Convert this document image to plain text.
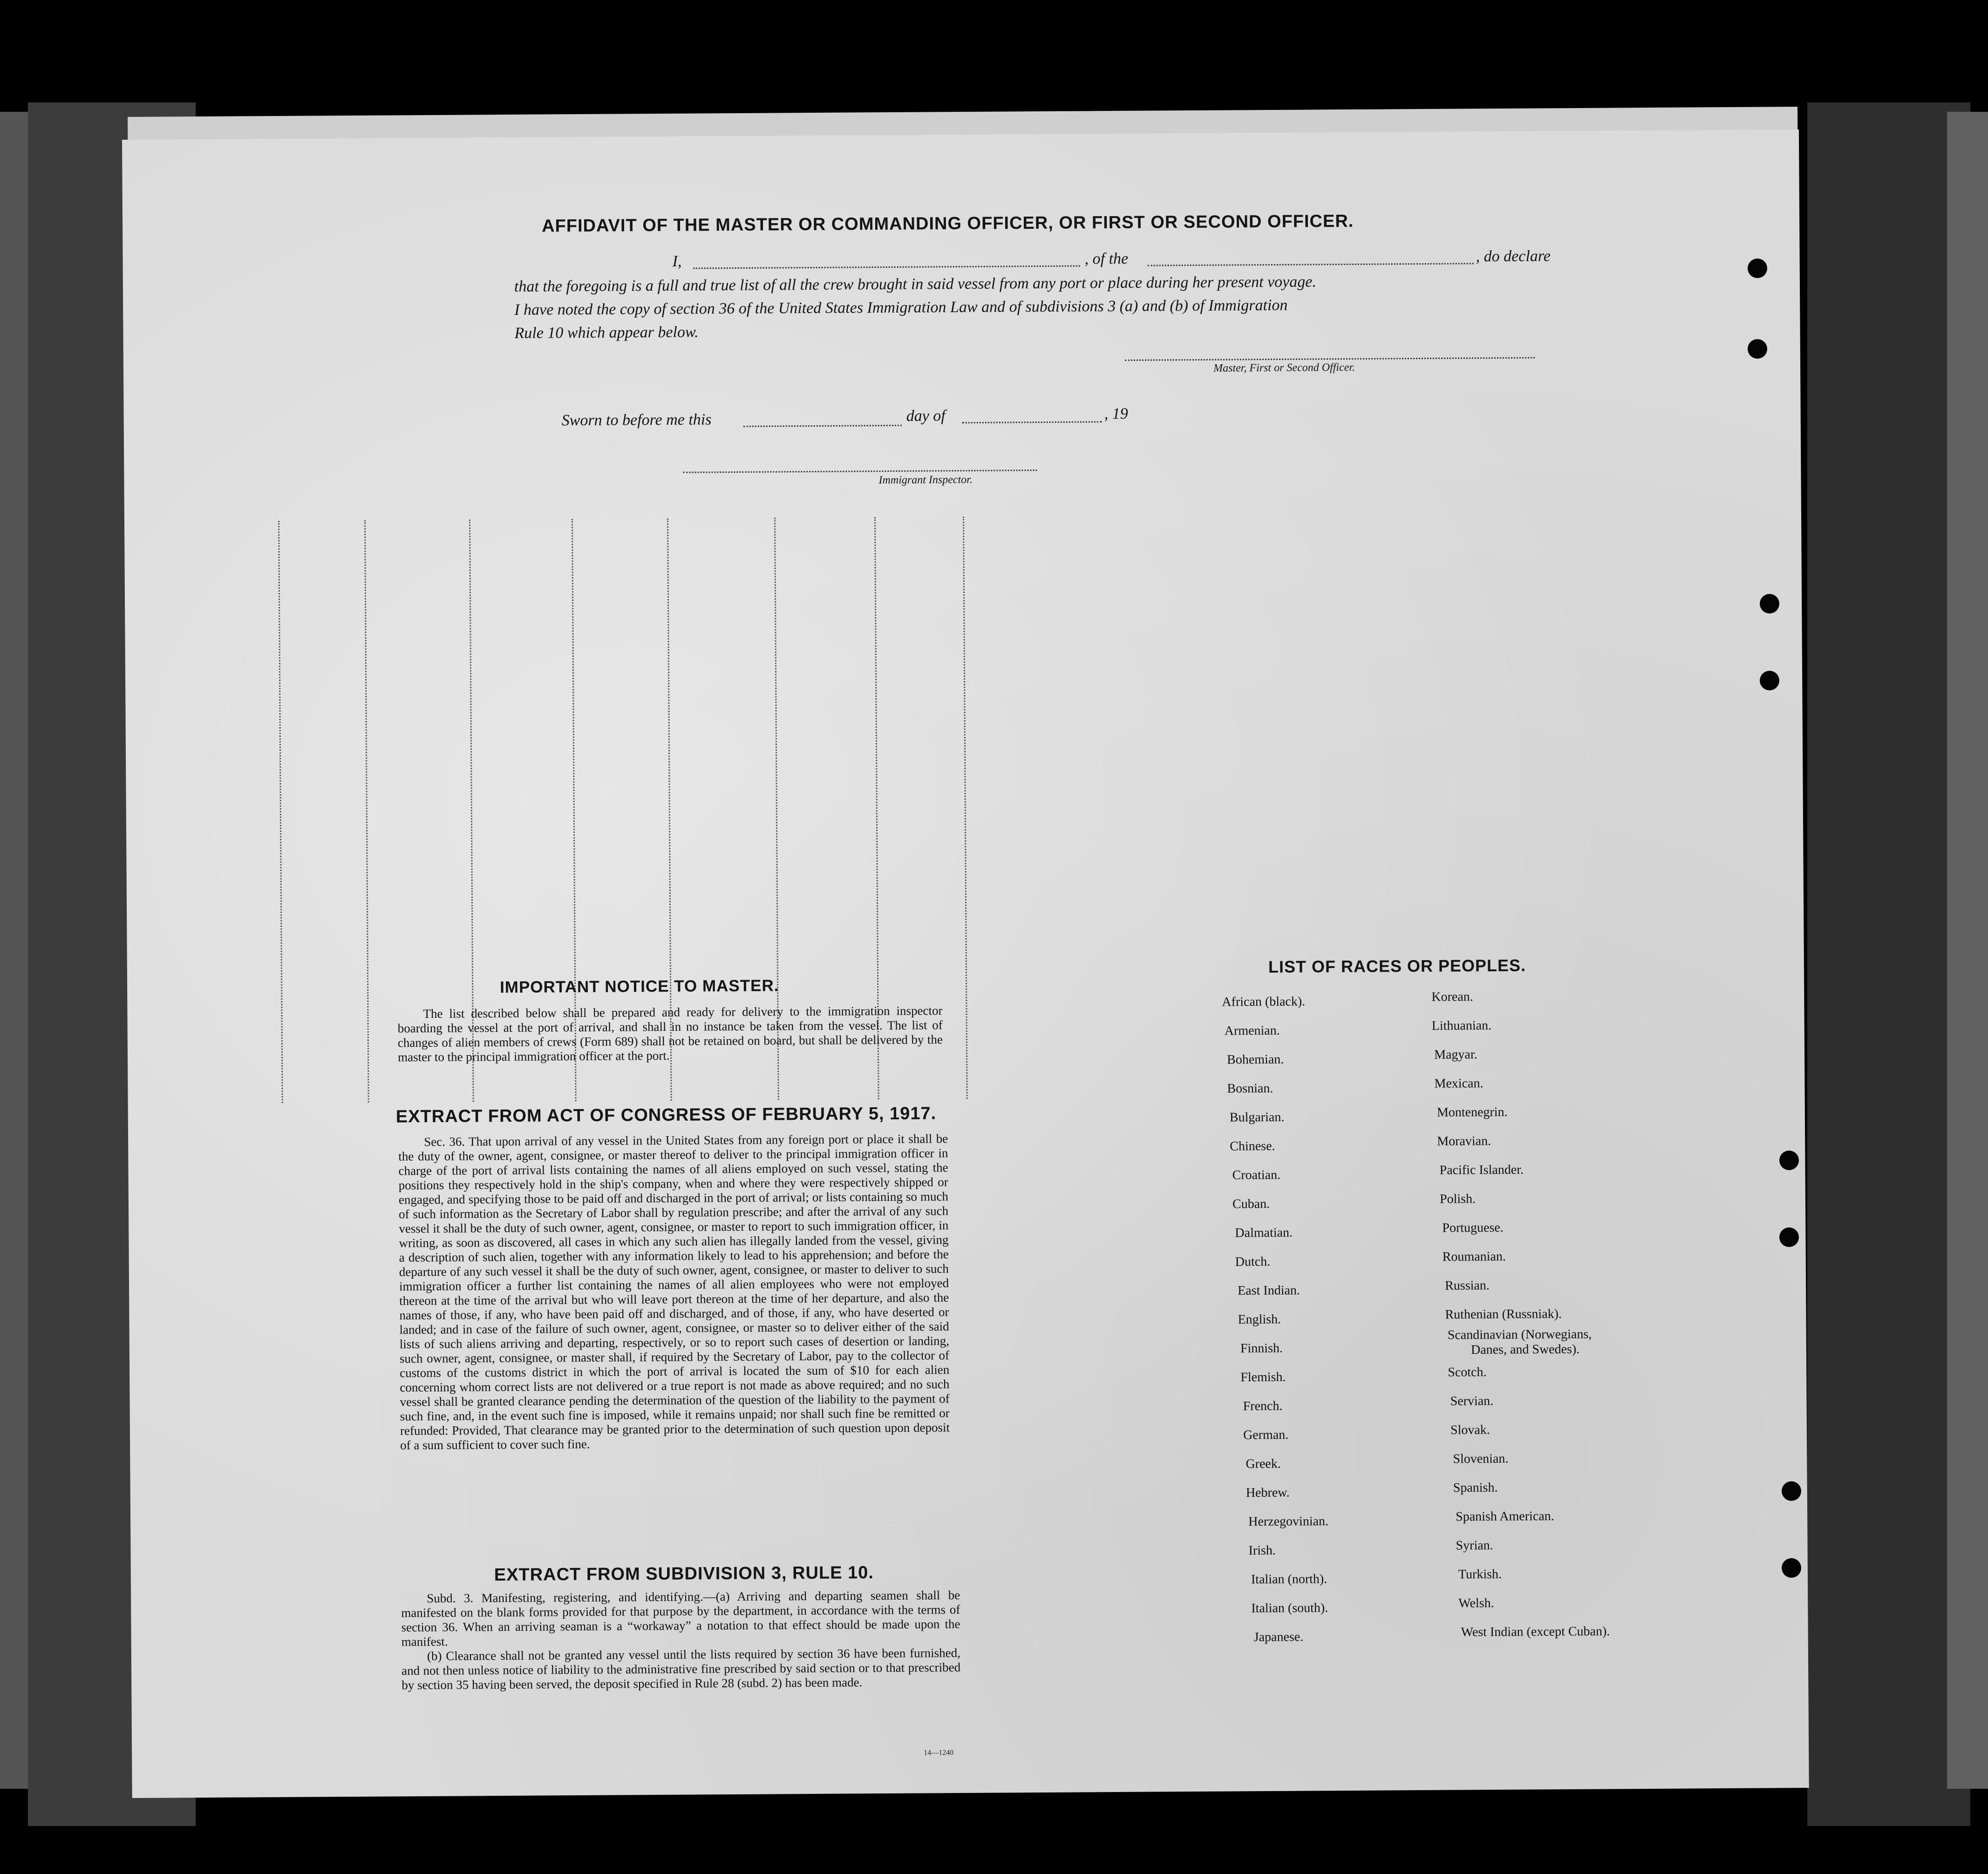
AFFIDAVIT OF THE MASTER OR COMMANDING OFFICER, OR FIRST OR SECOND OFFICER.
I,	, of the	, do declare
that the foregoing is a full and true list of all the crew brought in said vessel from any port or place during her present voyage.
I have noted the copy of section 36 of the United States Immigration Law and of subdivisions 3 (a) and (b) of Immigration
Rule 10 which appear below.
Master, First or Second Officer.
Sworn to before me this	day of	, 19
Immigrant Inspector.
IMPORTANT NOTICE TO MASTER.

The list described below shall be prepared and ready for delivery to the immigration inspector boarding the vessel at the port of arrival, and shall in no instance be taken from the vessel. The list of changes of alien members of crews (Form 689) shall not be retained on board, but shall be delivered by the master to the principal immigration officer at the port.

EXTRACT FROM ACT OF CONGRESS OF FEBRUARY 5, 1917.

Sec. 36. That upon arrival of any vessel in the United States from any foreign port or place it shall be the duty of the owner, agent, consignee, or master thereof to deliver to the principal immigration officer in charge of the port of arrival lists containing the names of all aliens employed on such vessel, stating the positions they respectively hold in the ship's company, when and where they were respectively shipped or engaged, and specifying those to be paid off and discharged in the port of arrival; or lists containing so much of such information as the Secretary of Labor shall by regulation prescribe; and after the arrival of any such vessel it shall be the duty of such owner, agent, consignee, or master to report to such immigration officer, in writing, as soon as discovered, all cases in which any such alien has illegally landed from the vessel, giving a description of such alien, together with any information likely to lead to his apprehension; and before the departure of any such vessel it shall be the duty of such owner, agent, consignee, or master to deliver to such immigration officer a further list containing the names of all alien employees who were not employed thereon at the time of the arrival but who will leave port thereon at the time of her departure, and also the names of those, if any, who have been paid off and discharged, and of those, if any, who have deserted or landed; and in case of the failure of such owner, agent, consignee, or master so to deliver either of the said lists of such aliens arriving and departing, respectively, or so to report such cases of desertion or landing, such owner, agent, consignee, or master shall, if required by the Secretary of Labor, pay to the collector of customs of the customs district in which the port of arrival is located the sum of $10 for each alien concerning whom correct lists are not delivered or a true report is not made as above required; and no such vessel shall be granted clearance pending the determination of the question of the liability to the payment of such fine, and, in the event such fine is imposed, while it remains unpaid; nor shall such fine be remitted or refunded: Provided, That clearance may be granted prior to the determination of such question upon deposit of a sum sufficient to cover such fine.

EXTRACT FROM SUBDIVISION 3, RULE 10.

Subd. 3. Manifesting, registering, and identifying.—(a) Arriving and departing seamen shall be manifested on the blank forms provided for that purpose by the department, in accordance with the terms of section 36. When an arriving seaman is a “workaway” a notation to that effect should be made upon the manifest.

(b) Clearance shall not be granted any vessel until the lists required by section 36 have been furnished, and not then unless notice of liability to the administrative fine prescribed by said section or to that prescribed by section 35 having been served, the deposit specified in Rule 28 (subd. 2) has been made.

14—1240
LIST OF RACES OR PEOPLES.
African (black).
Armenian.
Bohemian.
Bosnian.
Bulgarian.
Chinese.
Croatian.
Cuban.
Dalmatian.
Dutch.
East Indian.
English.
Finnish.
Flemish.
French.
German.
Greek.
Hebrew.
Herzegovinian.
Irish.
Italian (north).
Italian (south).
Japanese.
Korean.
Lithuanian.
Magyar.
Mexican.
Montenegrin.
Moravian.
Pacific Islander.
Polish.
Portuguese.
Roumanian.
Russian.
Ruthenian (Russniak).
Scandinavian (Norwegians,
Danes, and Swedes).
Scotch.
Servian.
Slovak.
Slovenian.
Spanish.
Spanish American.
Syrian.
Turkish.
Welsh.
West Indian (except Cuban).
